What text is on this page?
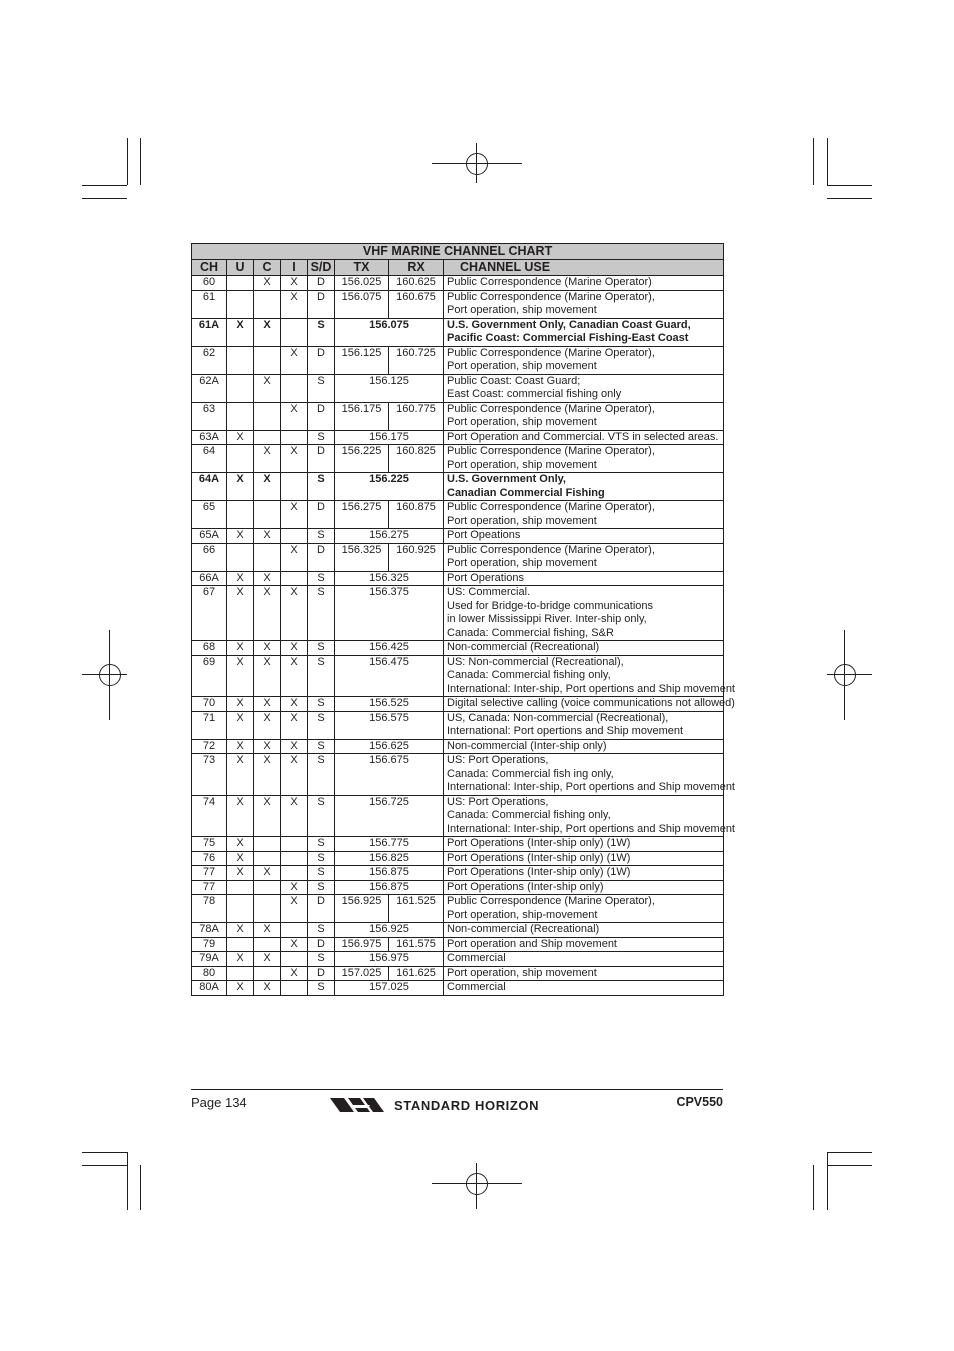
VHF MARINE CHANNEL CHART							
CH	U	C	I	S/D	TX	RX	CHANNEL USE
60		X	X	D	156.025	160.625	Public Correspondence (Marine Operator)

61			X	D	156.075	160.675	Public Correspondence (Marine Operator),
Port operation, ship movement

61A	X	X		S	156.075		U.S. Government Only, Canadian Coast Guard,
Pacific Coast: Commercial Fishing-East Coast

62			X	D	156.125	160.725	Public Correspondence (Marine Operator),
Port operation, ship movement

62A		X		S	156.125		Public Coast: Coast Guard;
East Coast: commercial fishing only

63			X	D	156.175	160.775	Public Correspondence (Marine Operator),
Port operation, ship movement

63A	X			S	156.175		Port Operation and Commercial. VTS in selected areas.

64		X	X	D	156.225	160.825	Public Correspondence (Marine Operator),
Port operation, ship movement

64A	X	X		S	156.225		U.S. Government Only,
Canadian Commercial Fishing

65			X	D	156.275	160.875	Public Correspondence (Marine Operator),
Port operation, ship movement

65A	X	X		S	156.275		Port Opeations

66			X	D	156.325	160.925	Public Correspondence (Marine Operator),
Port operation, ship movement

66A	X	X		S	156.325		Port Operations

67	X	X	X	S	156.375		US: Commercial.
Used for Bridge-to-bridge communications
in lower Mississippi River. Inter-ship only,
Canada: Commercial fishing, S&R

68	X	X	X	S	156.425		Non-commercial (Recreational)

69	X	X	X	S	156.475		US: Non-commercial (Recreational),
Canada: Commercial fishing only,
International: Inter-ship, Port opertions and Ship movement

70	X	X	X	S	156.525		Digital selective calling (voice communications not allowed)

71	X	X	X	S	156.575		US, Canada: Non-commercial (Recreational),
International: Port opertions and Ship movement

72	X	X	X	S	156.625		Non-commercial (Inter-ship only)

73	X	X	X	S	156.675		US: Port Operations,
Canada: Commercial fish ing only,
International: Inter-ship, Port opertions and Ship movement

74	X	X	X	S	156.725		US: Port Operations,
Canada: Commercial fishing only,
International: Inter-ship, Port opertions and Ship movement

75	X			S	156.775		Port Operations (Inter-ship only) (1W)

76	X			S	156.825		Port Operations (Inter-ship only) (1W)

77	X	X		S	156.875		Port Operations (Inter-ship only) (1W)

77			X	S	156.875		Port Operations (Inter-ship only)

78			X	D	156.925	161.525	Public Correspondence (Marine Operator),
Port operation, ship-movement

78A	X	X		S	156.925		Non-commercial (Recreational)

79			X	D	156.975	161.575	Port operation and Ship movement

79A	X	X		S	156.975		Commercial

80			X	D	157.025	161.625	Port operation, ship movement

80A	X	X		S	157.025		Commercial
Page 134	STANDARD HORIZON	CPV550
